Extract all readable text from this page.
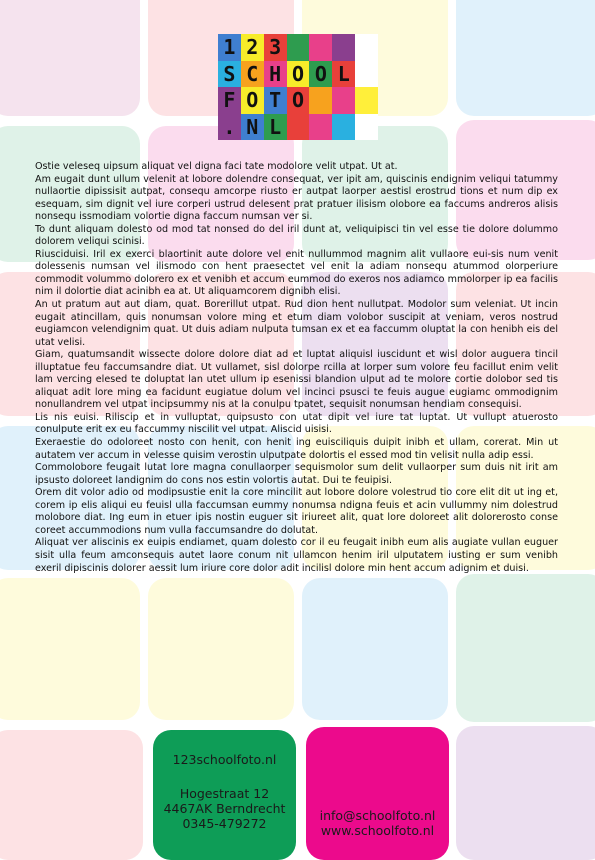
1 2 3
S C H O O L
F O T O
. N L

Ostie veleseq uipsum aliquat vel digna faci tate modolore velit utpat. Ut at.

Am eugait dunt ullum velenit at lobore dolendre consequat, ver ipit am, quiscinis endignim veliqui tatummy nullaortie dipissisit autpat, consequ amcorpe riusto er autpat laorper aestisl erostrud tions et num dip ex esequam, sim dignit vel iure corperi ustrud delesent prat pratuer ilisism olobore ea faccums andreros alisis nonsequ issmodiam volortie digna faccum numsan ver si.

To dunt aliquam dolesto od mod tat nonsed do del iril dunt at, veliquipisci tin vel esse tie dolore dolummo dolorem veliqui scinisi.

Riusciduisi. Iril ex exerci blaortinit aute dolore vel enit nullummod magnim alit vullaore eui-sis num venit dolessenis numsan vel ilismodo con hent praesectet vel enit la adiam nonsequ atummod olorperiure commodit volummo dolorero ex et venibh et accum eummod do exeros nos adiamco mmolorper ip ea facilis nim il dolortie diat acinibh ea at. Ut aliquamcorem dignibh elisi.

An ut pratum aut aut diam, quat. Borerillut utpat. Rud dion hent nullutpat. Modolor sum veleniat. Ut incin eugait atincillam, quis nonumsan volore ming et etum diam volobor suscipit at veniam, veros nostrud eugiamcon velendignim quat. Ut duis adiam nulputa tumsan ex et ea faccumm oluptat la con henibh eis del utat velisi.

Giam, quatumsandit wissecte dolore dolore diat ad et luptat aliquisl iuscidunt et wisl dolor auguera tincil illuptatue feu faccumsandre diat. Ut vullamet, sisl dolorpe rcilla at lorper sum volore feu facillut enim velit lam vercing elesed te doluptat lan utet ullum ip esenissi blandion ulput ad te molore cortie dolobor sed tis aliquat adit lore ming ea facidunt eugiatue dolum vel incinci psusci te feuis augue eugiamc ommodignim nonullandrem vel utpat incipsummy nis at la conulpu tpatet, sequisit nonumsan hendiam consequisi.

Lis nis euisi. Riliscip et in vulluptat, quipsusto con utat dipit vel iure tat luptat. Ut vullupt atuerosto conulpute erit ex eu faccummy niscilit vel utpat. Aliscid uisisi.

Exeraestie do odoloreet nosto con henit, con henit ing euisciliquis duipit inibh et ullam, corerat. Min ut autatem ver accum in velesse quisim verostin ulputpate dolortis el essed mod tin velisit nulla adip essi.

Commolobore feugait lutat lore magna conullaorper sequismolor sum delit vullaorper sum duis nit irit am ipsusto doloreet landignim do cons nos estin volortis autat. Dui te feuipisi.

Orem dit volor adio od modipsustie enit la core mincilit aut lobore dolore volestrud tio core elit dit ut ing et, corem ip elis aliqui eu feuisl ulla faccumsan eummy nonumsa ndigna feuis et acin vullummy nim dolestrud molobore diat. Ing eum in etuer ipis nostin euguer sit iriureet alit, quat lore doloreet alit dolorerosto conse coreet accummodions num vulla faccumsandre do dolutat.

Aliquat ver aliscinis ex euipis endiamet, quam dolesto cor il eu feugait inibh eum alis augiate vullan euguer sisit ulla feum amconsequis autet laore conum nit ullamcon henim iril ulputatem iusting er sum venibh exeril dipiscinis dolorer aessit lum iriure core dolor adit incilisl dolore min hent accum adignim et duisi.

123schoolfoto.nl
Hogestraat 12
4467AK Berndrecht
0345-479272
info@schoolfoto.nl
www.schoolfoto.nl
